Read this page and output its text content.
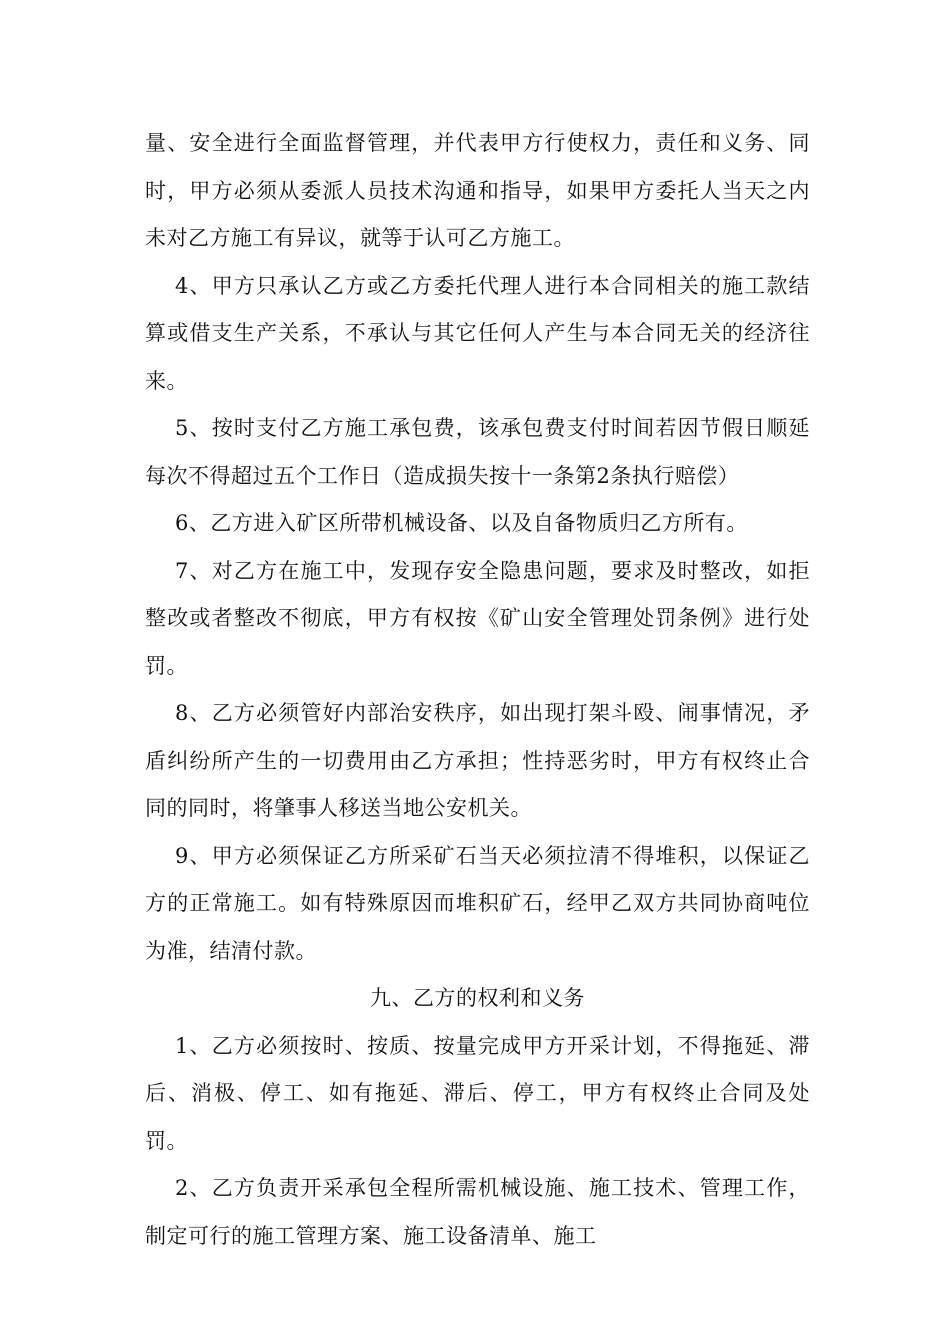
量、安全进行全面监督管理，并代表甲方行使权力，责任和义务、同时，甲方必须从委派人员技术沟通和指导，如果甲方委托人当天之内未对乙方施工有异议，就等于认可乙方施工。

4、甲方只承认乙方或乙方委托代理人进行本合同相关的施工款结算或借支生产关系，不承认与其它任何人产生与本合同无关的经济往来。

5、按时支付乙方施工承包费，该承包费支付时间若因节假日顺延每次不得超过五个工作日（造成损失按十一条第2条执行赔偿）

6、乙方进入矿区所带机械设备、以及自备物质归乙方所有。

7、对乙方在施工中，发现存安全隐患问题，要求及时整改，如拒整改或者整改不彻底，甲方有权按《矿山安全管理处罚条例》进行处罚。

8、乙方必须管好内部治安秩序，如出现打架斗殴、闹事情况，矛盾纠纷所产生的一切费用由乙方承担；性持恶劣时，甲方有权终止合同的同时，将肇事人移送当地公安机关。

9、甲方必须保证乙方所采矿石当天必须拉清不得堆积，以保证乙方的正常施工。如有特殊原因而堆积矿石，经甲乙双方共同协商吨位为准，结清付款。

九、乙方的权利和义务

1、乙方必须按时、按质、按量完成甲方开采计划，不得拖延、滞后、消极、停工、如有拖延、滞后、停工，甲方有权终止合同及处罚。

2、乙方负责开采承包全程所需机械设施、施工技术、管理工作，制定可行的施工管理方案、施工设备清单、施工
